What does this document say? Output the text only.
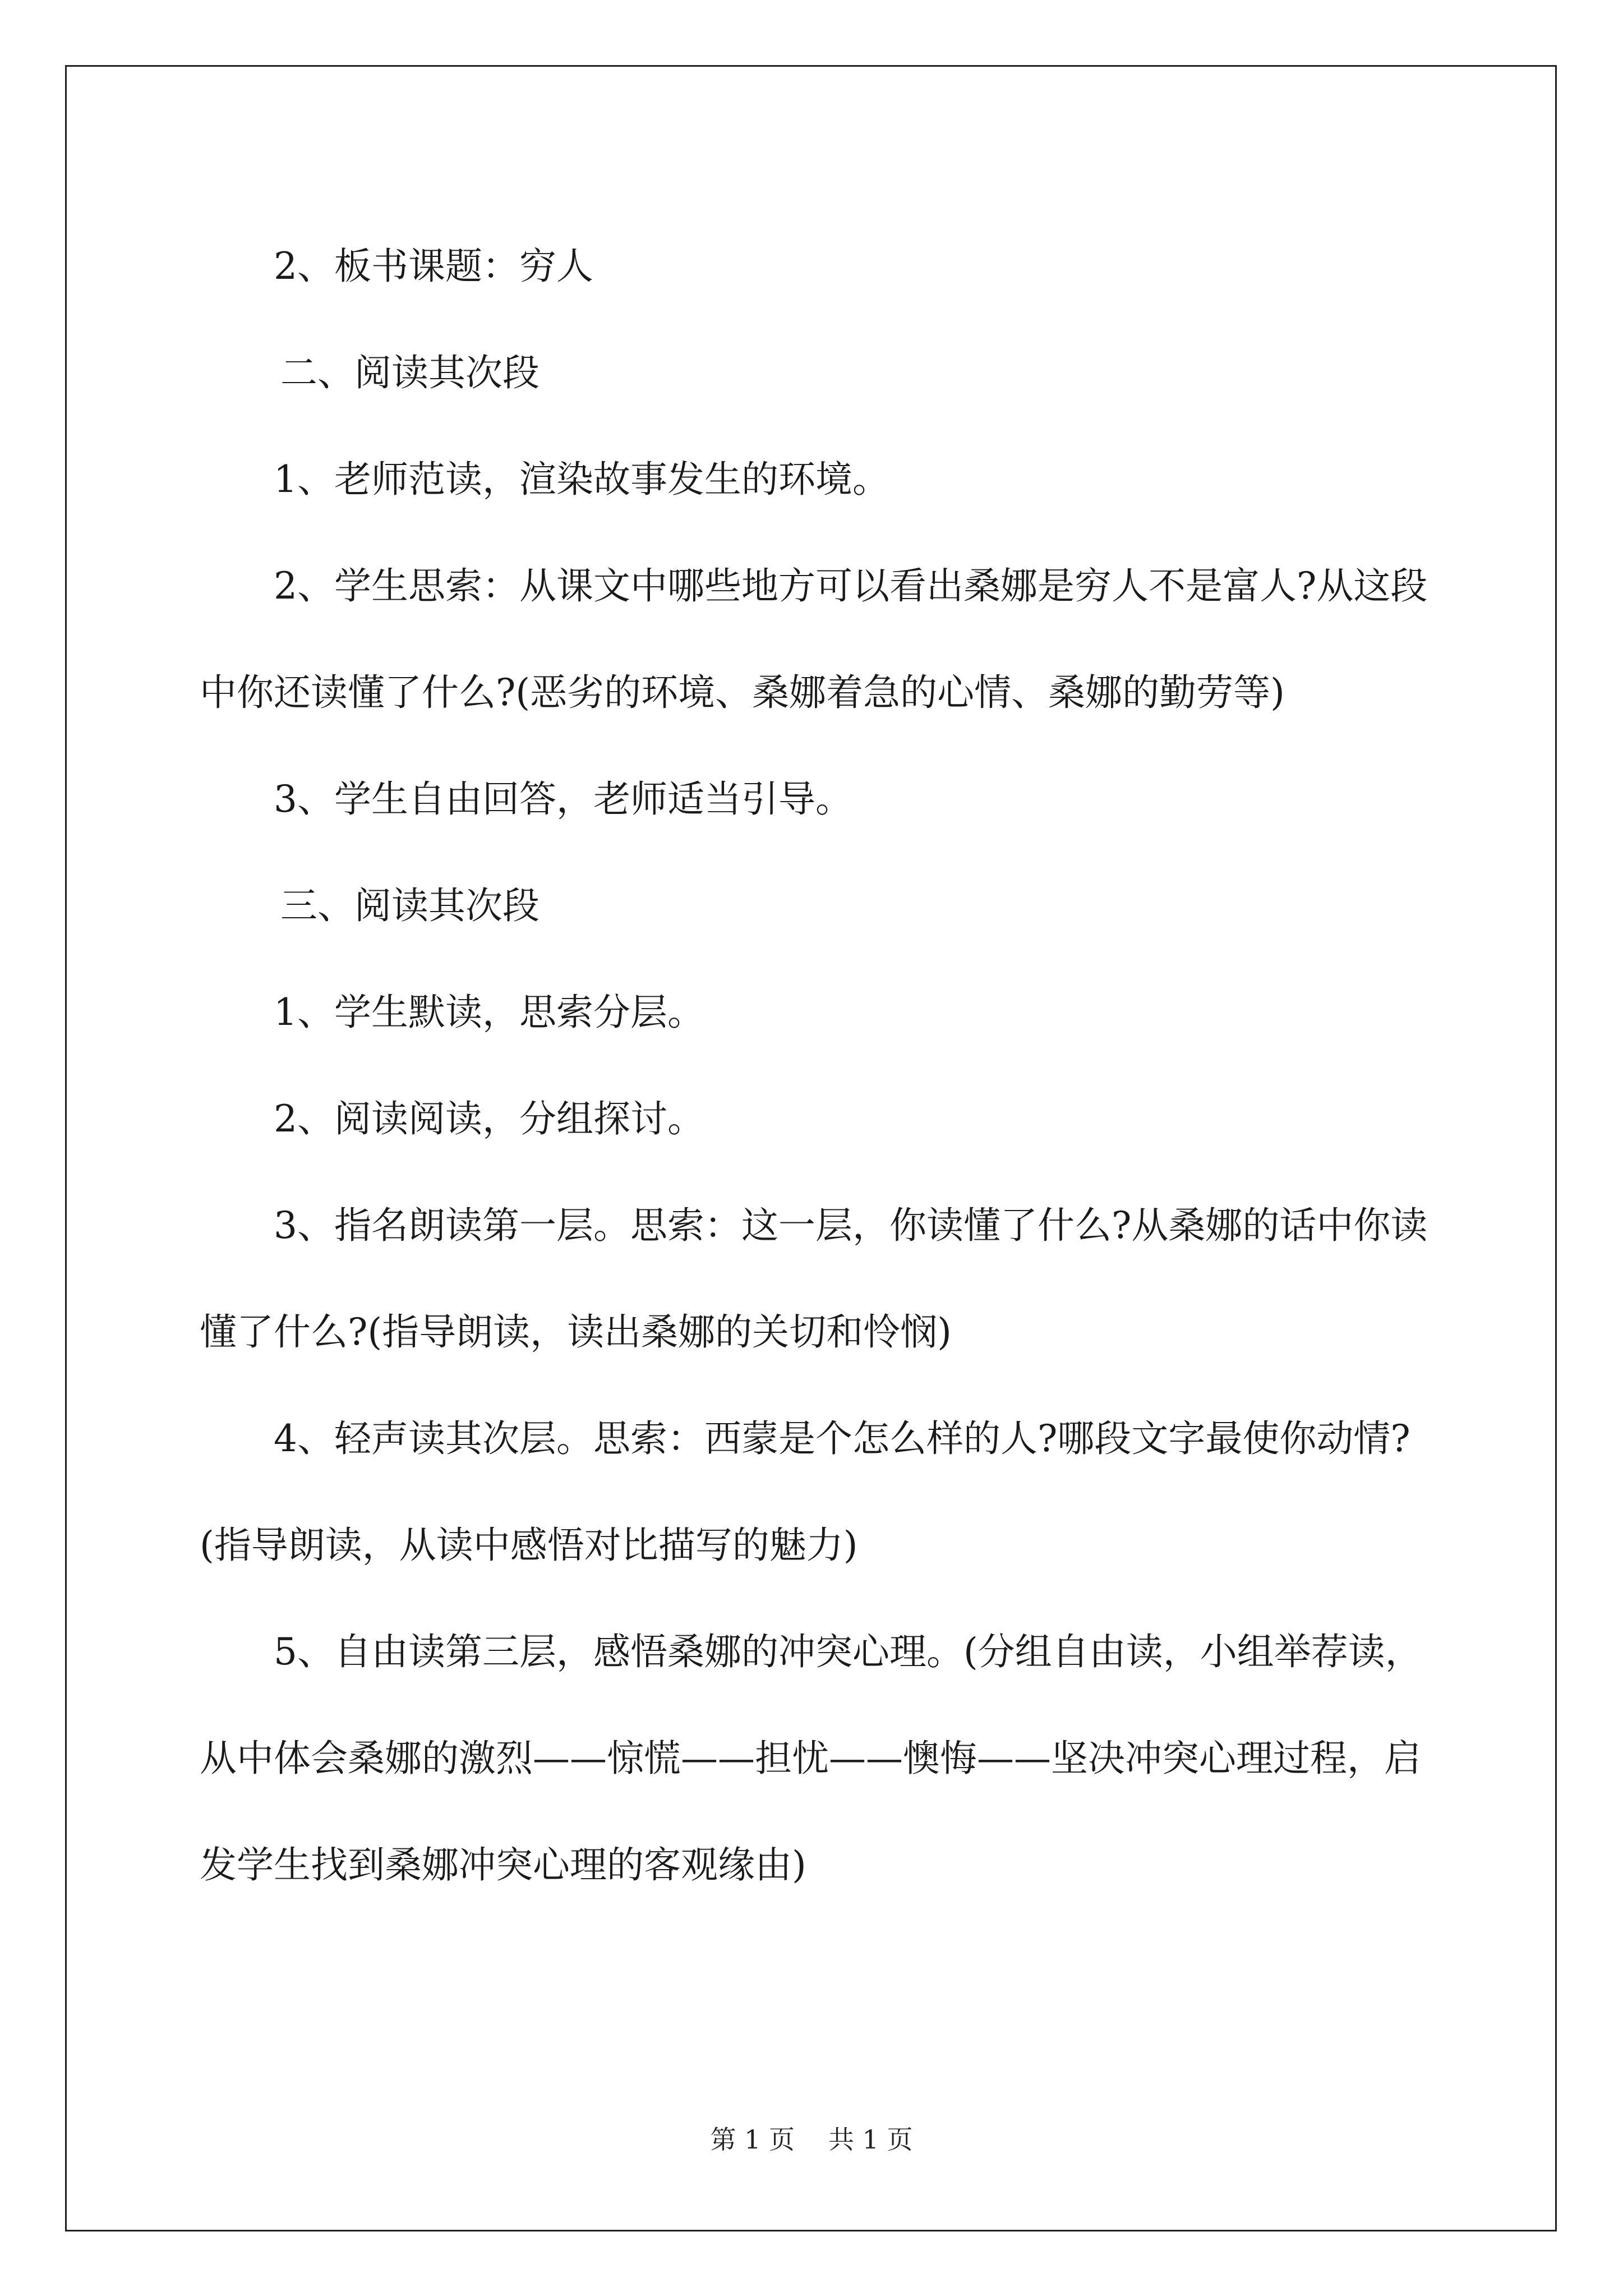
2、板书课题：穷人

二、阅读其次段

1、老师范读，渲染故事发生的环境。

2、学生思索：从课文中哪些地方可以看出桑娜是穷人不是富人?从这段中你还读懂了什么?(恶劣的环境、桑娜着急的心情、桑娜的勤劳等)

3、学生自由回答，老师适当引导。

三、阅读其次段

1、学生默读，思索分层。

2、阅读阅读，分组探讨。

3、指名朗读第一层。思索：这一层，你读懂了什么?从桑娜的话中你读懂了什么?(指导朗读，读出桑娜的关切和怜悯)

4、轻声读其次层。思索：西蒙是个怎么样的人?哪段文字最使你动情?(指导朗读，从读中感悟对比描写的魅力)

5、自由读第三层，感悟桑娜的冲突心理。(分组自由读，小组举荐读，从中体会桑娜的激烈——惊慌——担忧——懊悔——坚决冲突心理过程，启发学生找到桑娜冲突心理的客观缘由)

第 1 页 共 1 页
